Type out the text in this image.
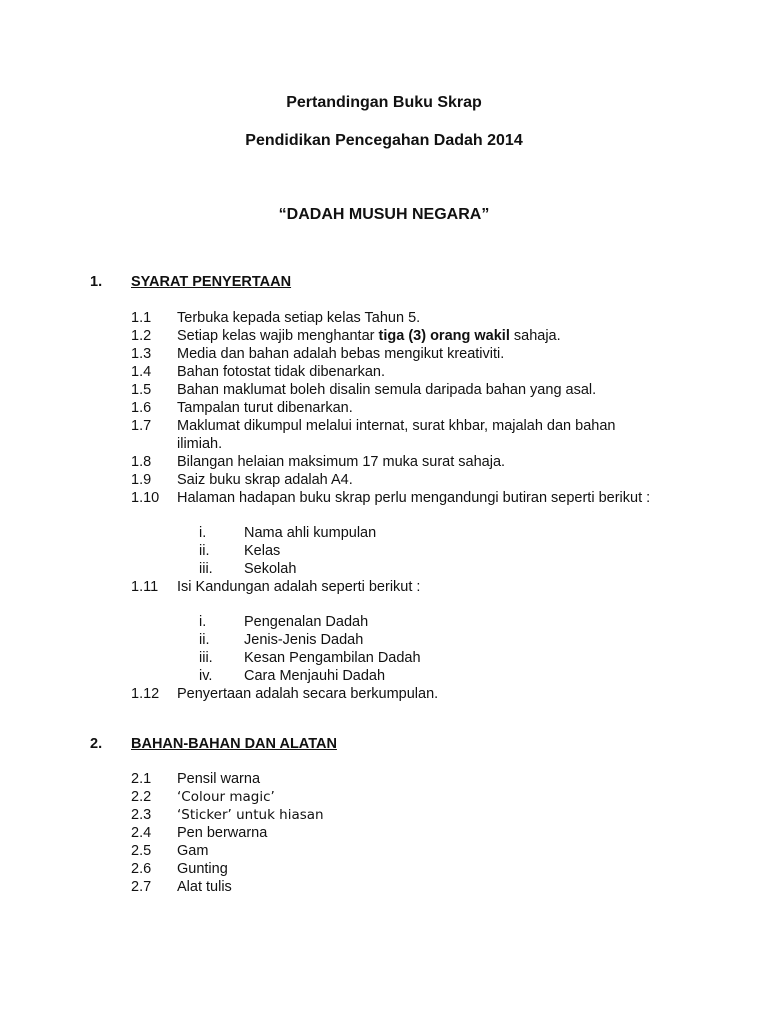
Pertandingan Buku Skrap
Pendidikan Pencegahan Dadah 2014
“DADAH MUSUH NEGARA”
1. SYARAT PENYERTAAN
1.1 Terbuka kepada setiap kelas Tahun 5.
1.2 Setiap kelas wajib menghantar tiga (3) orang wakil sahaja.
1.3 Media dan bahan adalah bebas mengikut kreativiti.
1.4 Bahan fotostat tidak dibenarkan.
1.5 Bahan maklumat boleh disalin semula daripada bahan yang asal.
1.6 Tampalan turut dibenarkan.
1.7 Maklumat dikumpul melalui internat, surat khbar, majalah dan bahan ilimiah.
1.8 Bilangan helaian maksimum 17 muka surat sahaja.
1.9 Saiz buku skrap adalah A4.
1.10 Halaman hadapan buku skrap perlu mengandungi butiran seperti berikut :
i.	Nama ahli kumpulan
ii. Kelas
iii. Sekolah
1.11 Isi Kandungan adalah seperti berikut :
i.	Pengenalan Dadah
ii. Jenis-Jenis Dadah
iii. Kesan Pengambilan Dadah
iv. Cara Menjauhi Dadah
1.12 Penyertaan adalah secara berkumpulan.
2. BAHAN-BAHAN DAN ALATAN
2.1 Pensil warna
2.2 ‘Colour magic’
2.3 ‘Sticker’ untuk hiasan
2.4 Pen berwarna
2.5 Gam
2.6 Gunting
2.7 Alat tulis
